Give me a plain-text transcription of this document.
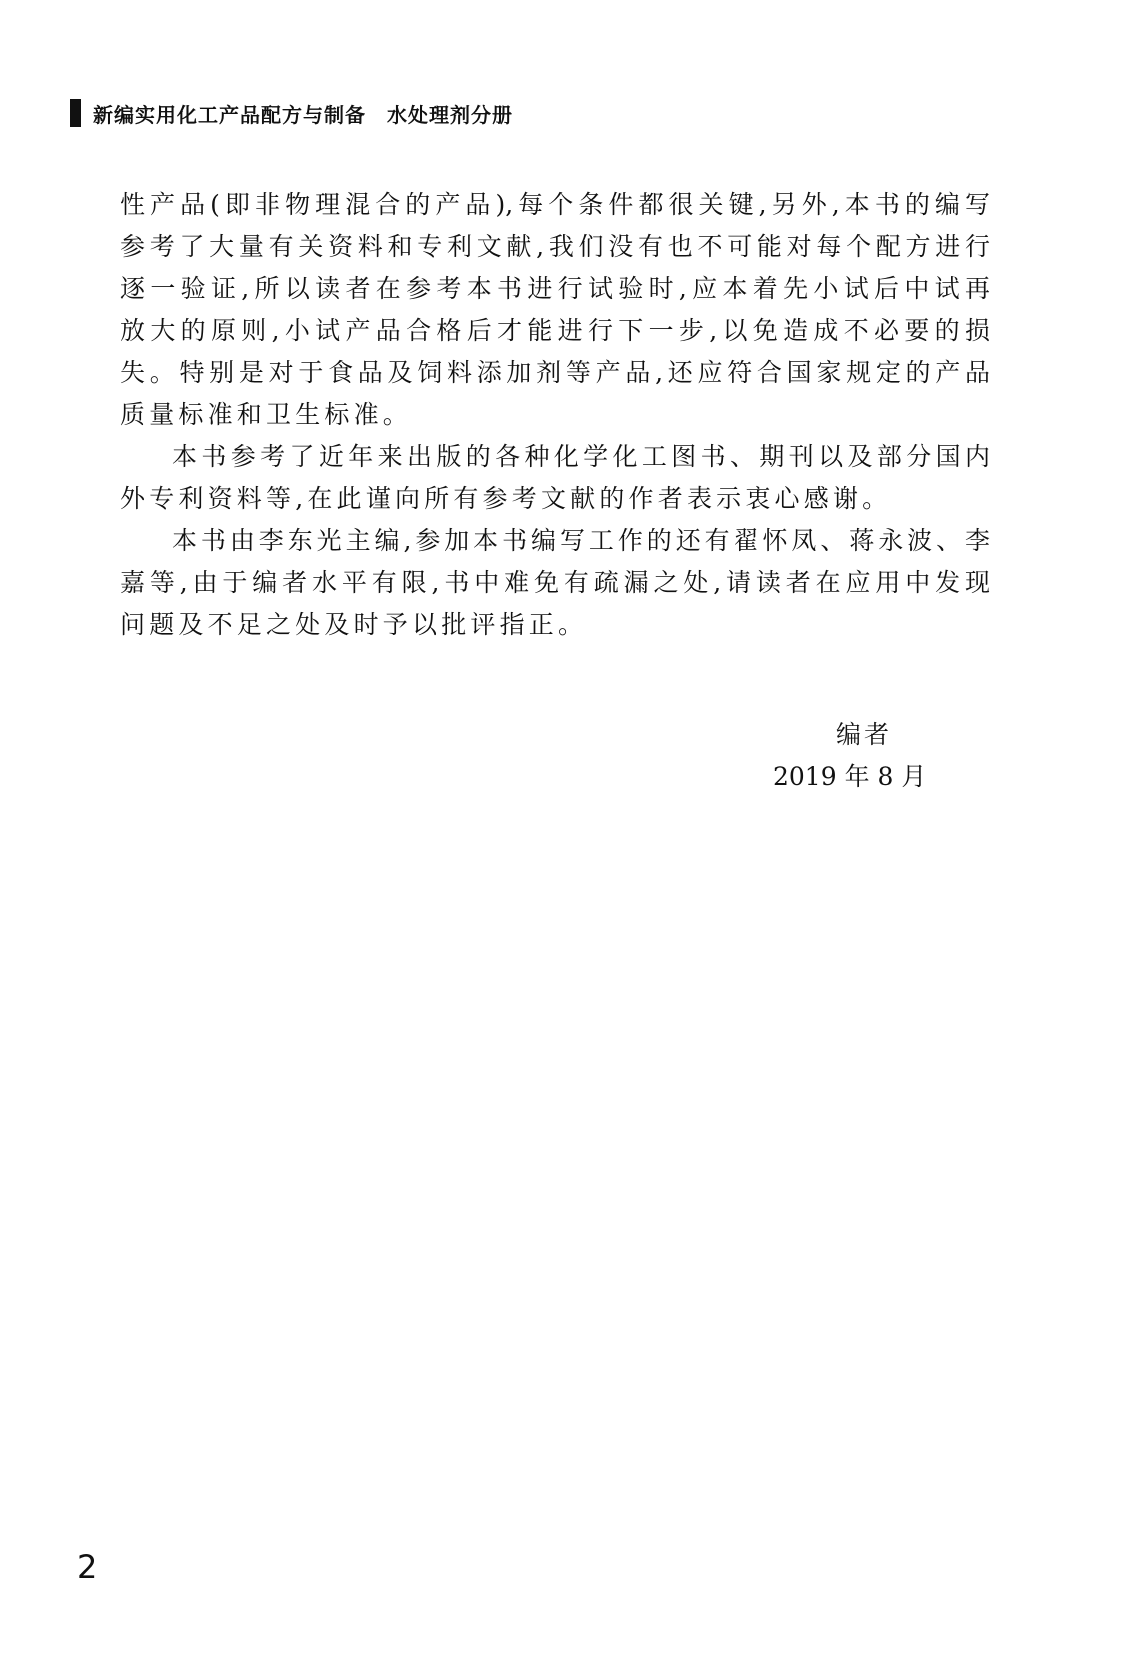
新编实用化工产品配方与制备　水处理剂分册
性产品(即非物理混合的产品),每个条件都很关键,另外,本书的编写
参考了大量有关资料和专利文献,我们没有也不可能对每个配方进行
逐一验证,所以读者在参考本书进行试验时,应本着先小试后中试再
放大的原则,小试产品合格后才能进行下一步,以免造成不必要的损
失。特别是对于食品及饲料添加剂等产品,还应符合国家规定的产品
质量标准和卫生标准。
本书参考了近年来出版的各种化学化工图书、期刊以及部分国内
外专利资料等,在此谨向所有参考文献的作者表示衷心感谢。
本书由李东光主编,参加本书编写工作的还有翟怀凤、蒋永波、李
嘉等,由于编者水平有限,书中难免有疏漏之处,请读者在应用中发现
问题及不足之处及时予以批评指正。
编者
2019 年 8 月
2
